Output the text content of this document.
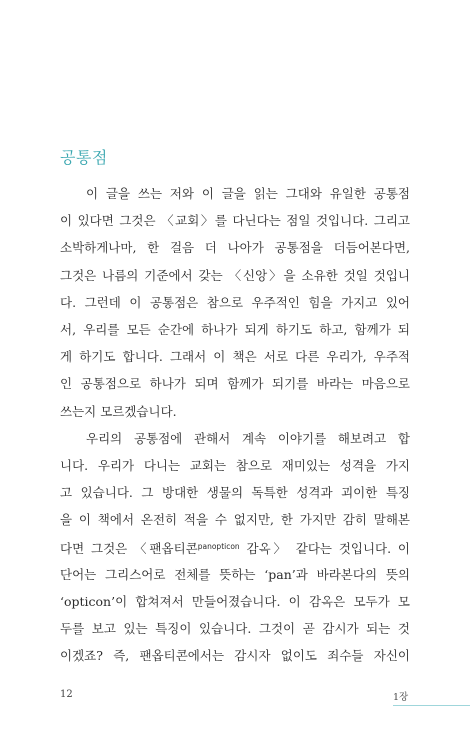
공통점
이 글을 쓰는 저와 이 글을 읽는 그대와 유일한 공통점
이 있다면 그것은 〈교회〉를 다닌다는 점일 것입니다. 그리고
소박하게나마, 한 걸음 더 나아가 공통점을 더듬어본다면,
그것은 나름의 기준에서 갖는 〈신앙〉을 소유한 것일 것입니
다. 그런데 이 공통점은 참으로 우주적인 힘을 가지고 있어
서, 우리를 모든 순간에 하나가 되게 하기도 하고, 함께가 되
게 하기도 합니다. 그래서 이 책은 서로 다른 우리가, 우주적
인 공통점으로 하나가 되며 함께가 되기를 바라는 마음으로
쓰는지 모르겠습니다.
우리의 공통점에 관해서 계속 이야기를 해보려고 합
니다. 우리가 다니는 교회는 참으로 재미있는 성격을 가지
고 있습니다. 그 방대한 생물의 독특한 성격과 괴이한 특징
을 이 책에서 온전히 적을 수 없지만, 한 가지만 감히 말해본
다면 그것은 〈팬옵티콘$^{panopticon}$ 감옥〉 같다는 것입니다. 이
단어는 그리스어로 전체를 뜻하는 ‘pan’과 바라본다의 뜻의
‘opticon’이 합쳐져서 만들어졌습니다. 이 감옥은 모두가 모
두를 보고 있는 특징이 있습니다. 그것이 곧 감시가 되는 것
이겠죠? 즉, 팬옵티콘에서는 감시자 없이도 죄수들 자신이
12	1장
